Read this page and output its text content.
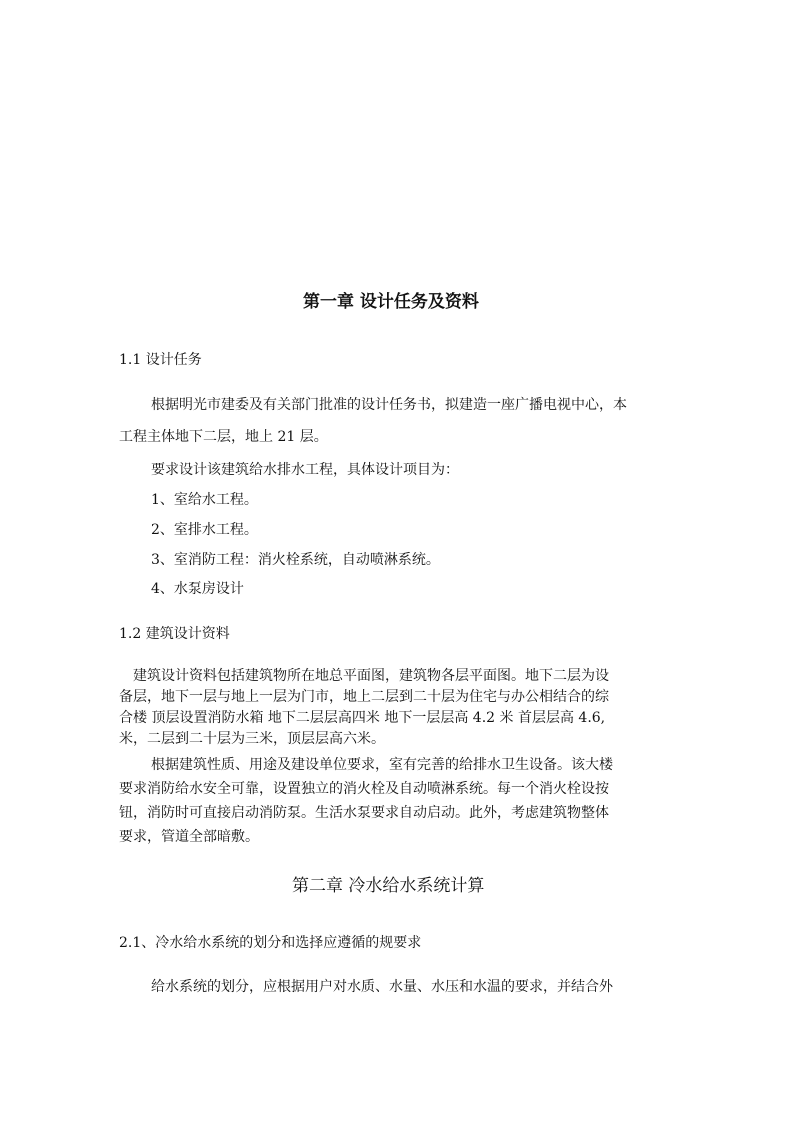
第一章 设计任务及资料

1.1 设计任务

根据明光市建委及有关部门批准的设计任务书，拟建造一座广播电视中心，本

工程主体地下二层，地上 21 层。

要求设计该建筑给水排水工程，具体设计项目为：

1、室给水工程。

2、室排水工程。

3、室消防工程：消火栓系统，自动喷淋系统。

4、水泵房设计

1.2 建筑设计资料

建筑设计资料包括建筑物所在地总平面图，建筑物各层平面图。地下二层为设

备层，地下一层与地上一层为门市，地上二层到二十层为住宅与办公相结合的综

合楼 顶层设置消防水箱 地下二层层高四米 地下一层层高 4.2 米 首层层高 4.6,

米，二层到二十层为三米，顶层层高六米。

根据建筑性质、用途及建设单位要求，室有完善的给排水卫生设备。该大楼

要求消防给水安全可靠，设置独立的消火栓及自动喷淋系统。每一个消火栓设按

钮，消防时可直接启动消防泵。生活水泵要求自动启动。此外，考虑建筑物整体

要求，管道全部暗敷。

第二章 冷水给水系统计算

2.1、冷水给水系统的划分和选择应遵循的规要求

给水系统的划分，应根据用户对水质、水量、水压和水温的要求，并结合外
